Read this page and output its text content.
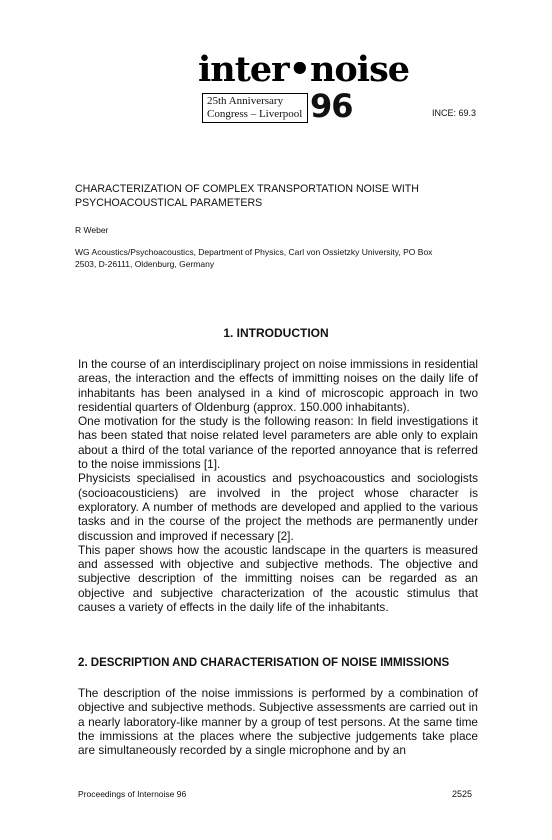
inter•noise
25th Anniversary
Congress – Liverpool 96	INCE: 69.3
CHARACTERIZATION OF COMPLEX TRANSPORTATION NOISE WITH
PSYCHOACOUSTICAL PARAMETERS
R Weber
WG Acoustics/Psychoacoustics, Department of Physics, Carl von Ossietzky University, PO Box
2503, D-26111, Oldenburg, Germany
1. INTRODUCTION
In the course of an interdisciplinary project on noise immissions in residential areas, the interaction and the effects of immitting noises on the daily life of inhabitants has been analysed in a kind of microscopic approach in two residential quarters of Oldenburg (approx. 150.000 inhabitants).
One motivation for the study is the following reason: In field investigations it has been stated that noise related level parameters are able only to explain about a third of the total variance of the reported annoyance that is referred to the noise immissions [1].
Physicists specialised in acoustics and psychoacoustics and sociologists (socioacousticiens) are involved in the project whose character is exploratory. A number of methods are developed and applied to the various tasks and in the course of the project the methods are permanently under discussion and improved if necessary [2].
This paper shows how the acoustic landscape in the quarters is measured and assessed with objective and subjective methods. The objective and subjective description of the immitting noises can be regarded as an objective and subjective characterization of the acoustic stimulus that causes a variety of effects in the daily life of the inhabitants.
2. DESCRIPTION AND CHARACTERISATION OF NOISE IMMISSIONS
The description of the noise immissions is performed by a combination of objective and subjective methods. Subjective assessments are carried out in a nearly laboratory-like manner by a group of test persons. At the same time the immissions at the places where the subjective judgements take place are simultaneously recorded by a single microphone and by an
Proceedings of Internoise 96	2525
